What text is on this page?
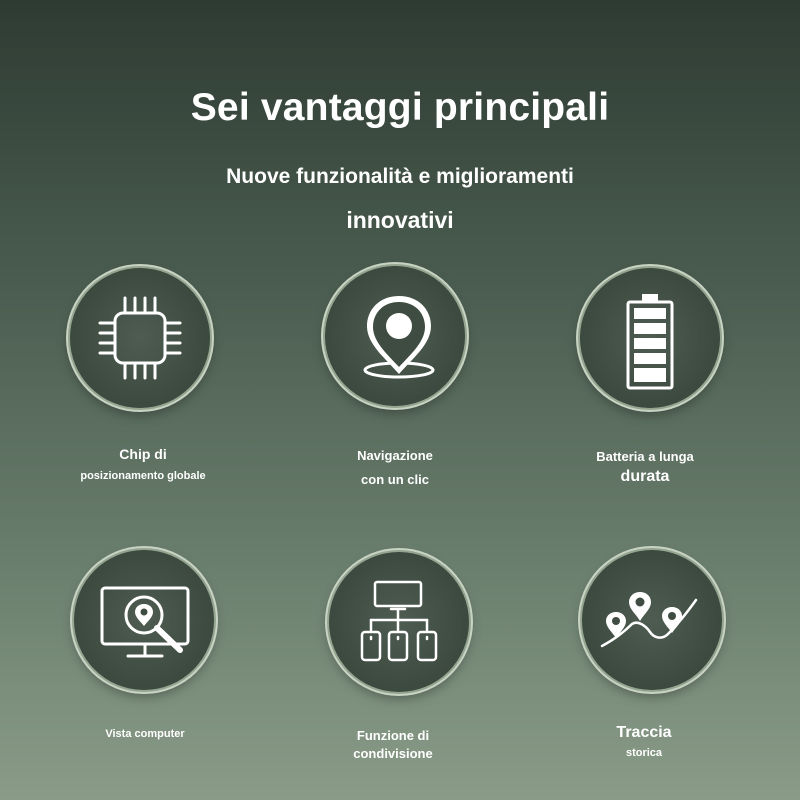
Sei vantaggi principali
Nuove funzionalità e miglioramenti
innovativi
Chip di
posizionamento globale
Navigazione
con un clic
Batteria a lunga
durata
Vista computer	Funzione di
condivisione
Traccia
storica
